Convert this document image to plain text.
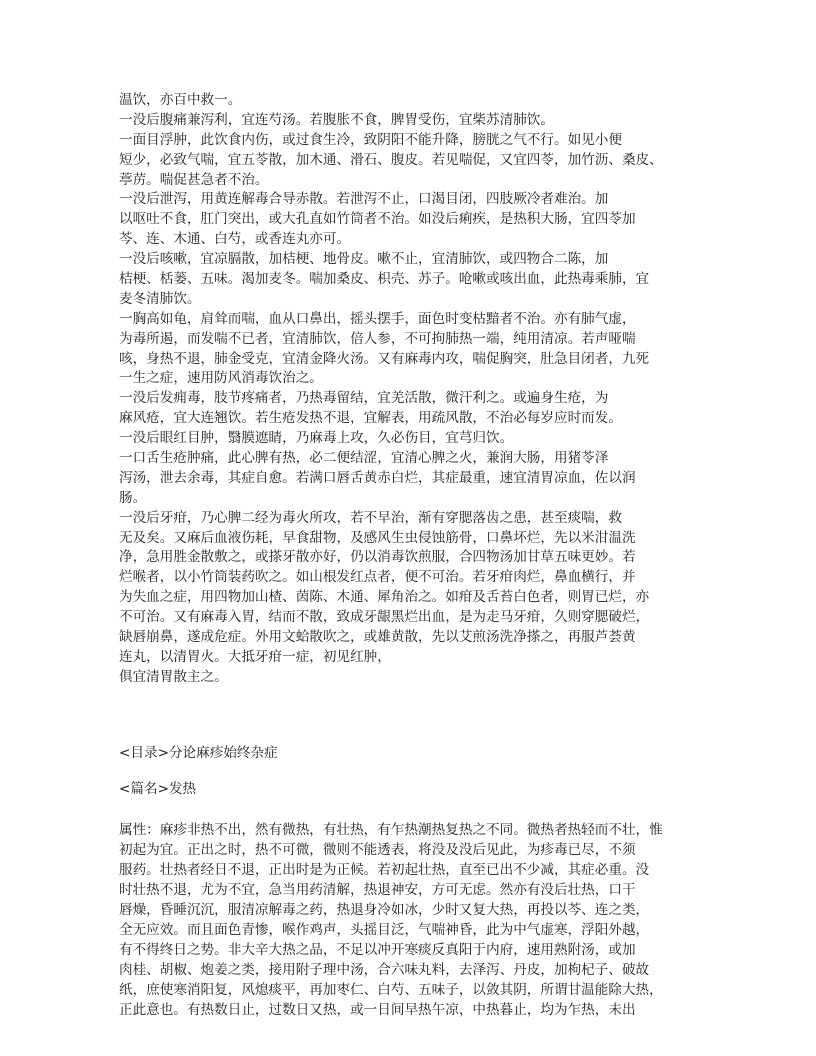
温饮，亦百中救一。
一没后腹痛兼泻利，宜连芍汤。若腹胀不食，脾胃受伤，宜柴苏清肺饮。
一面目浮肿，此饮食内伤，或过食生冷，致阴阳不能升降，膀胱之气不行。如见小便
短少，必致气喘，宜五苓散，加木通、滑石、腹皮。若见喘促，又宜四苓，加竹沥、桑皮、
葶苈。喘促甚急者不治。
一没后泄泻，用黄连解毒合导赤散。若泄泻不止，口渴目闭，四肢厥冷者难治。加
以呕吐不食，肛门突出，或大孔直如竹筒者不治。如没后痢疾，是热积大肠，宜四苓加
芩、连、木通、白芍，或香连丸亦可。
一没后咳嗽，宜凉膈散，加桔梗、地骨皮。嗽不止，宜清肺饮，或四物合二陈，加
桔梗、栝蒌、五味。渴加麦冬。喘加桑皮、枳壳、苏子。呛嗽或咳出血，此热毒乘肺，宜
麦冬清肺饮。
一胸高如龟，肩耸而喘，血从口鼻出，摇头摆手，面色时变枯黯者不治。亦有肺气虚，
为毒所遏，而发喘不已者，宜清肺饮，倍人参，不可拘肺热一端，纯用清凉。若声哑喘
咳，身热不退，肺金受克，宜清金降火汤。又有麻毒内攻，喘促胸突，肚急目闭者，九死
一生之症，速用防风消毒饮治之。
一没后发痈毒，肢节疼痛者，乃热毒留结，宜羌活散，微汗利之。或遍身生疮，为
麻风疮，宜大连翘饮。若生疮发热不退，宜解表，用疏风散，不治必每岁应时而发。
一没后眼红目肿，翳膜遮睛，乃麻毒上攻，久必伤目，宜芎归饮。
一口舌生疮肿痛，此心脾有热，必二便结涩，宜清心脾之火，兼润大肠，用猪苓泽
泻汤，泄去余毒，其症自愈。若满口唇舌黄赤白烂，其症最重，速宜清胃凉血，佐以润
肠。
一没后牙疳，乃心脾二经为毒火所攻，若不早治，渐有穿腮落齿之患，甚至痰喘，救
无及矣。又麻后血液伤耗，早食甜物，及感风生虫侵蚀筋骨，口鼻坏烂，先以米泔温洗
净，急用胜金散敷之，或搽牙散亦好，仍以消毒饮煎服，合四物汤加甘草五味更妙。若
烂喉者，以小竹筒装药吹之。如山根发红点者，便不可治。若牙疳肉烂，鼻血横行，并
为失血之症，用四物加山楂、茵陈、木通、犀角治之。如疳及舌苔白色者，则胃已烂，亦
不可治。又有麻毒入胃，结而不散，致成牙龈黑烂出血，是为走马牙疳，久则穿腮破烂，
缺唇崩鼻，遂成危症。外用文蛤散吹之，或雄黄散，先以艾煎汤洗净搽之，再服芦荟黄
连丸，以清胃火。大抵牙疳一症，初见红肿，
俱宜清胃散主之。
<目录>分论麻疹始终杂症
<篇名>发热
属性：麻疹非热不出，然有微热，有壮热，有乍热潮热复热之不同。微热者热轻而不壮，惟
初起为宜。正出之时，热不可微，微则不能透表，将没及没后见此，为疹毒已尽，不须
服药。壮热者经日不退，正出时是为正候。若初起壮热，直至已出不少减，其症必重。没
时壮热不退，尤为不宜，急当用药清解，热退神安，方可无虑。然亦有没后壮热，口干
唇燥，昏睡沉沉，服清凉解毒之药，热退身冷如冰，少时又复大热，再投以芩、连之类，
全无应效。而且面色青惨，喉作鸡声，头摇目泛，气喘神昏，此为中气虚寒，浮阳外越，
有不得终日之势。非大辛大热之品，不足以冲开寒痰反真阳于内府，速用熟附汤，或加
肉桂、胡椒、炮姜之类，接用附子理中汤，合六味丸料，去泽泻、丹皮，加枸杞子、破故
纸，庶使寒消阳复，风熄痰平，再加枣仁、白芍、五味子，以敛其阴，所谓甘温能除大热，
正此意也。有热数日止，过数日又热，或一日间早热午凉，中热暮止，均为乍热，未出
